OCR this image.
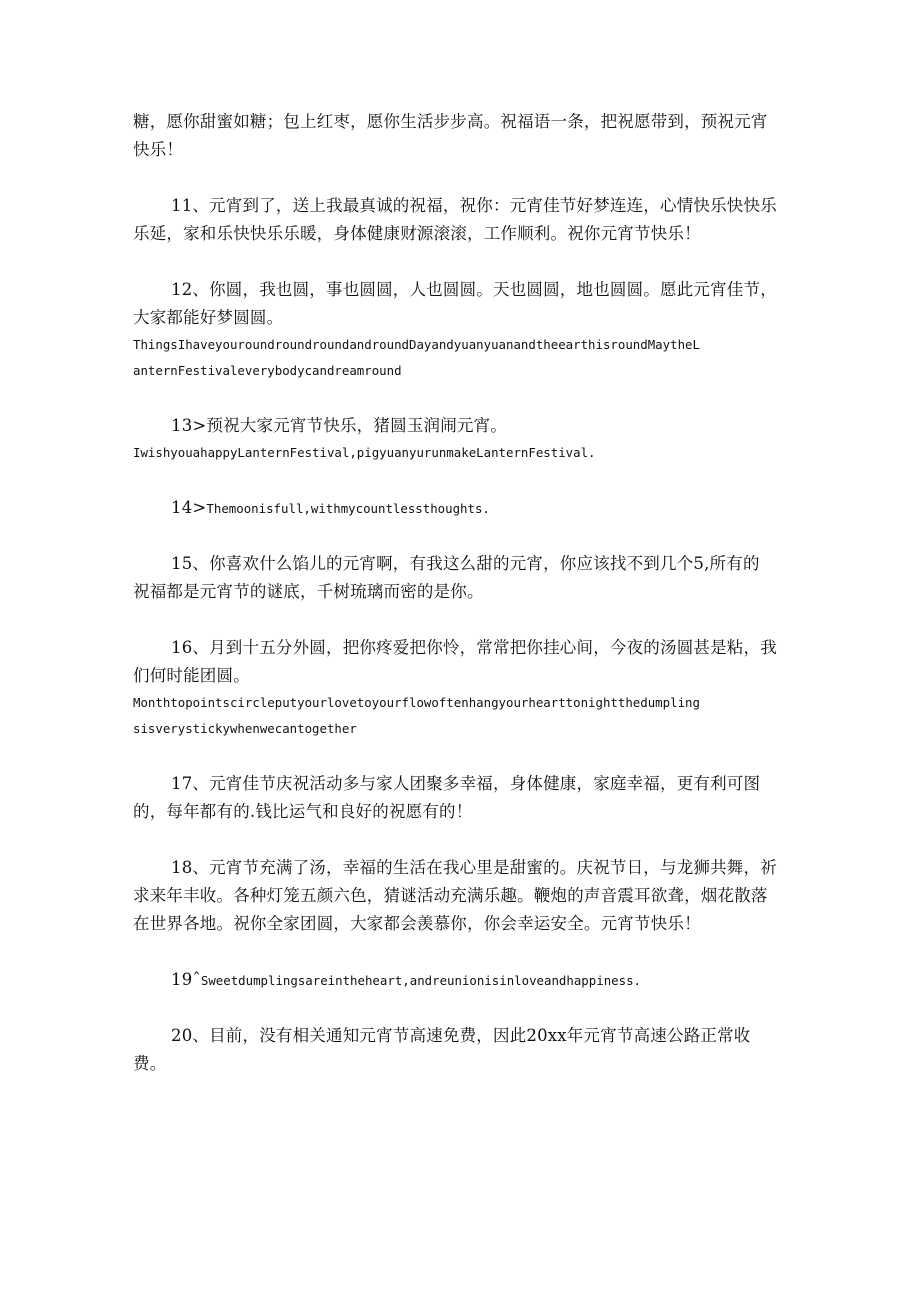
糖，愿你甜蜜如糖；包上红枣，愿你生活步步高。祝福语一条，把祝愿带到，预祝元宵
快乐！
11、元宵到了，送上我最真诚的祝福，祝你：元宵佳节好梦连连，心情快乐快快乐
乐延，家和乐快快乐乐暖，身体健康财源滚滚，工作顺利。祝你元宵节快乐！
12、你圆，我也圆，事也圆圆，人也圆圆。天也圆圆，地也圆圆。愿此元宵佳节，
大家都能好梦圆圆。
ThingsIhaveyouroundroundroundandroundDayandyuanyuanandtheearthisroundMaytheL
anternFestivaleverybodycandreamround
13>预祝大家元宵节快乐，猪圆玉润闹元宵。
IwishyouahappyLanternFestival,pigyuanyurunmakeLanternFestival.
14>Themoonisfull,withmycountlessthoughts.
15、你喜欢什么馅儿的元宵啊，有我这么甜的元宵，你应该找不到几个5,所有的
祝福都是元宵节的谜底，千树琉璃而密的是你。
16、月到十五分外圆，把你疼爱把你怜，常常把你挂心间，今夜的汤圆甚是粘，我
们何时能团圆。
Monthtopointscircleputyourlovetoyourflowoftenhangyourhearttonightthedumpling
sisverystickywhenwecantogether
17、元宵佳节庆祝活动多与家人团聚多幸福，身体健康，家庭幸福，更有利可图
的，每年都有的.钱比运气和良好的祝愿有的！
18、元宵节充满了汤，幸福的生活在我心里是甜蜜的。庆祝节日，与龙狮共舞，祈
求来年丰收。各种灯笼五颜六色，猜谜活动充满乐趣。鞭炮的声音震耳欲聋，烟花散落
在世界各地。祝你全家团圆，大家都会羡慕你，你会幸运安全。元宵节快乐！
19ˆSweetdumplingsareintheheart,andreunionisinloveandhappiness.
20、目前，没有相关通知元宵节高速免费，因此20xx年元宵节高速公路正常收
费。
